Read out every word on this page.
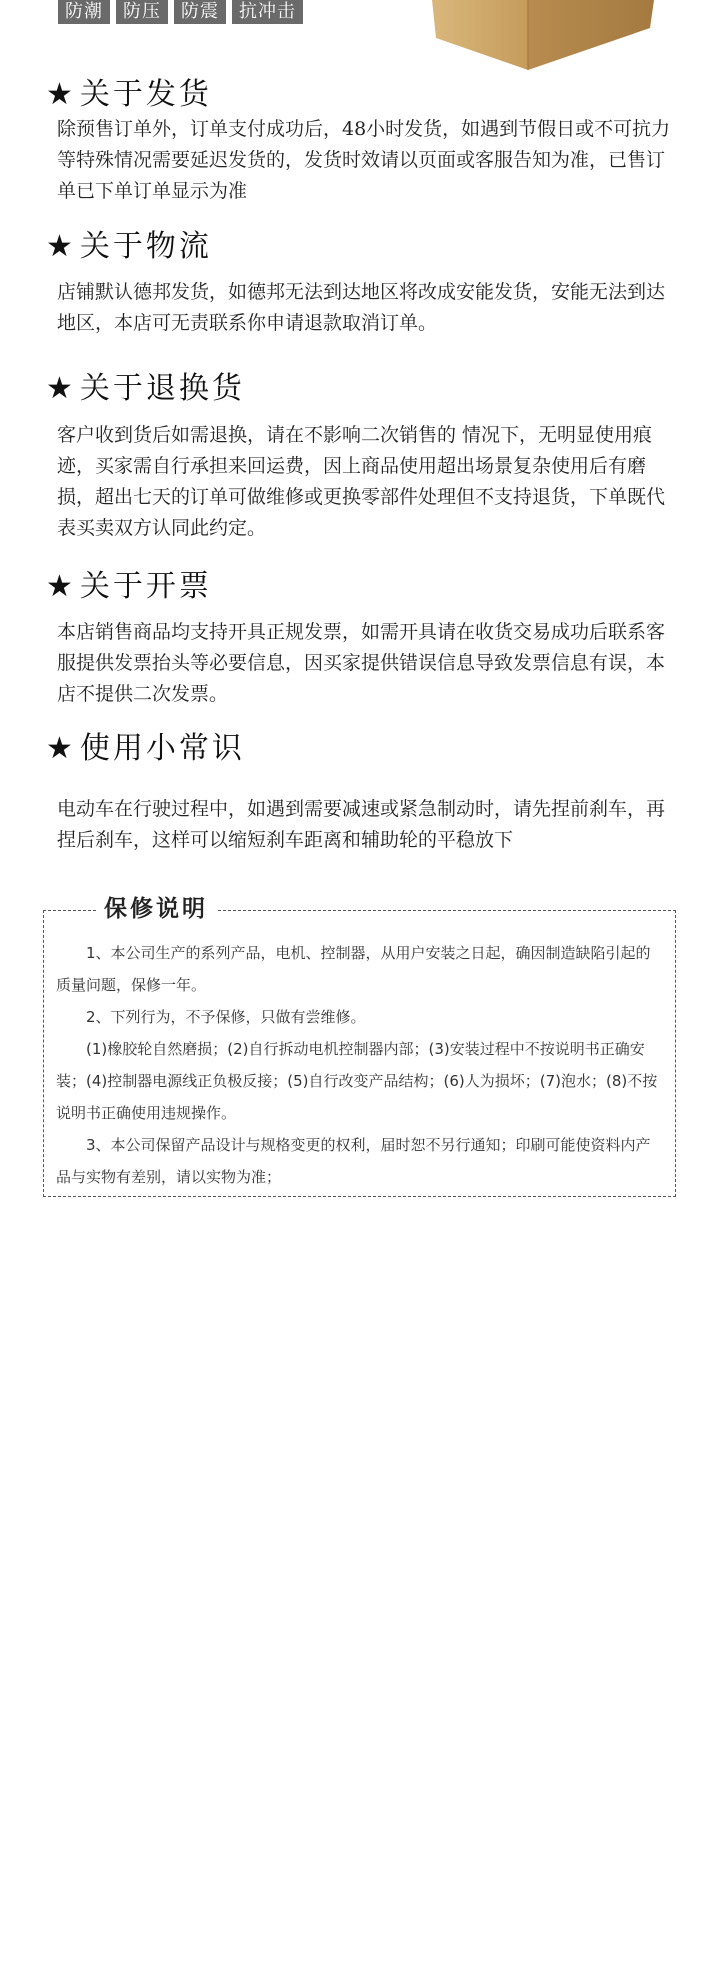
防潮	防压	防震	抗冲击
★ 关于发货

除预售订单外，订单支付成功后，48小时发货，如遇到节假日或不可抗力等特殊情况需要延迟发货的，发货时效请以页面或客服告知为准，已售订单已下单订单显示为准

★ 关于物流

店铺默认德邦发货，如德邦无法到达地区将改成安能发货，安能无法到达地区，本店可无责联系你申请退款取消订单。

★ 关于退换货

客户收到货后如需退换，请在不影响二次销售的 情况下，无明显使用痕迹，买家需自行承担来回运费，因上商品使用超出场景复杂使用后有磨损，超出七天的订单可做维修或更换零部件处理但不支持退货，下单既代表买卖双方认同此约定。

★ 关于开票

本店销售商品均支持开具正规发票，如需开具请在收货交易成功后联系客服提供发票抬头等必要信息，因买家提供错误信息导致发票信息有误，本店不提供二次发票。

★ 使用小常识

电动车在行驶过程中，如遇到需要减速或紧急制动时，请先捏前刹车，再捏后刹车，这样可以缩短刹车距离和辅助轮的平稳放下

保修说明

1、本公司生产的系列产品，电机、控制器，从用户安装之日起，确因制造缺陷引起的质量问题，保修一年。

2、下列行为，不予保修，只做有尝维修。

(1)橡胶轮自然磨损；(2)自行拆动电机控制器内部；(3)安装过程中不按说明书正确安装；(4)控制器电源线正负极反接；(5)自行改变产品结构；(6)人为损坏；(7)泡水；(8)不按说明书正确使用违规操作。

3、本公司保留产品设计与规格变更的权利，届时恕不另行通知；印刷可能使资料内产品与实物有差别，请以实物为准；
